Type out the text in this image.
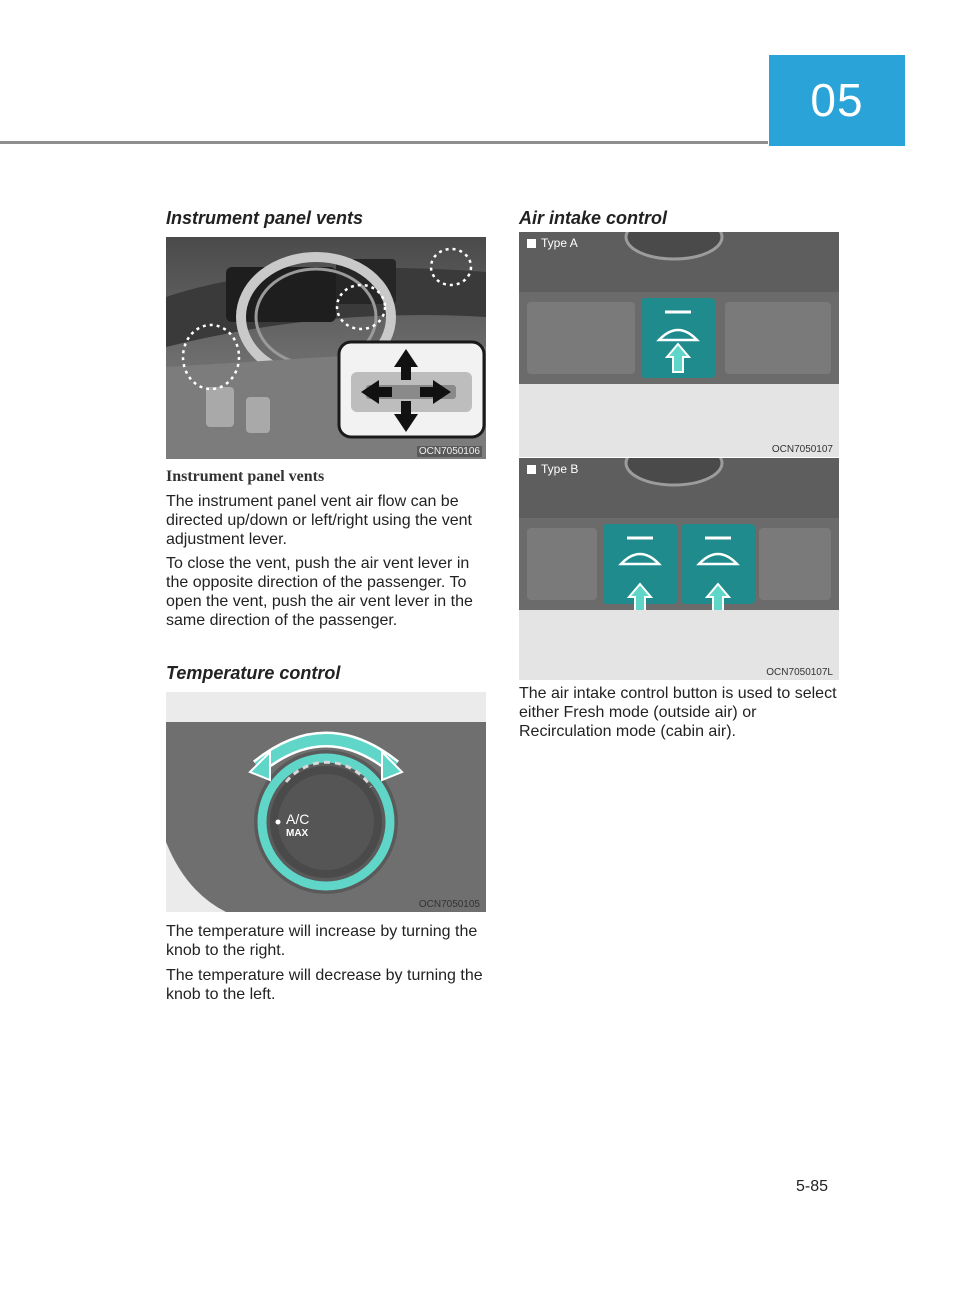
05
Instrument panel vents
OCN7050106
Instrument panel vents
The instrument panel vent air flow can be directed up/down or left/right using the vent adjustment lever.
To close the vent, push the air vent lever in the opposite direction of the passenger. To open the vent, push the air vent lever in the same direction of the passenger.
Temperature control
A/C
MAX
OCN7050105
The temperature will increase by turning the knob to the right.
The temperature will decrease by turning the knob to the left.
Air intake control
Type A
OCN7050107
Type B
OCN7050107L
The air intake control button is used to select either Fresh mode (outside air) or Recirculation mode (cabin air).
5-85
